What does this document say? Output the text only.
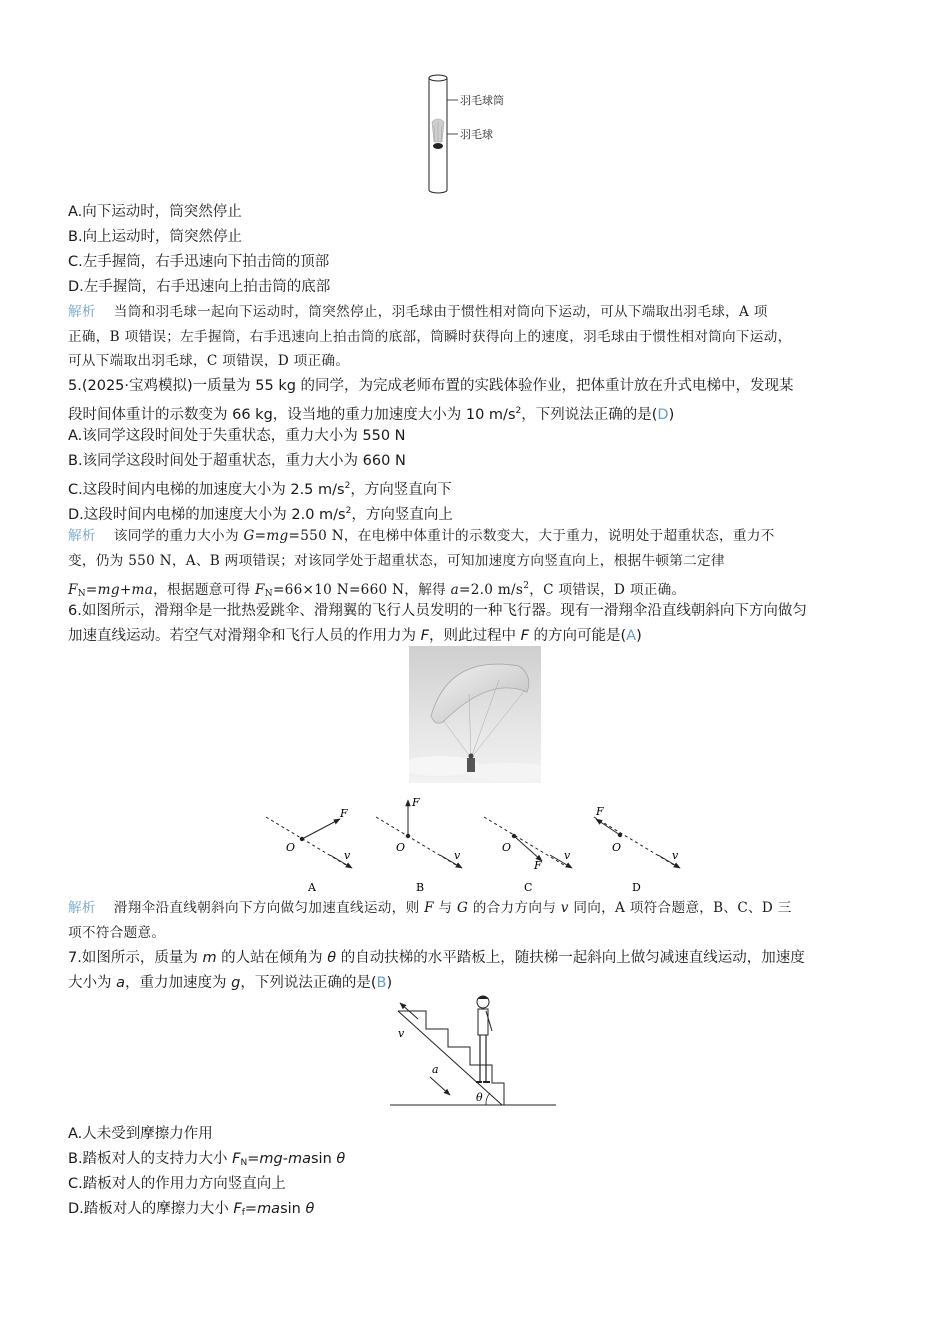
羽毛球筒
羽毛球
A.向下运动时，筒突然停止
B.向上运动时，筒突然停止
C.左手握筒，右手迅速向下拍击筒的顶部
D.左手握筒，右手迅速向上拍击筒的底部
解析 当筒和羽毛球一起向下运动时，筒突然停止，羽毛球由于惯性相对筒向下运动，可从下端取出羽毛球，A 项
正确，B 项错误；左手握筒，右手迅速向上拍击筒的底部，筒瞬时获得向上的速度，羽毛球由于惯性相对筒向下运动，
可从下端取出羽毛球，C 项错误，D 项正确。
5.(2025·宝鸡模拟)一质量为 55 kg 的同学，为完成老师布置的实践体验作业，把体重计放在升式电梯中，发现某
段时间体重计的示数变为 66 kg，设当地的重力加速度大小为 10 $m/s^2$，下列说法正确的是(D)
A.该同学这段时间处于失重状态，重力大小为 550 N
B.该同学这段时间处于超重状态，重力大小为 660 N
C.这段时间内电梯的加速度大小为 2.5 $m/s^2$，方向竖直向下
D.这段时间内电梯的加速度大小为 2.0 $m/s^2$，方向竖直向上
解析 该同学的重力大小为 G=mg=550 N，在电梯中体重计的示数变大，大于重力，说明处于超重状态，重力不
变，仍为 550 N，A、B 两项错误；对该同学处于超重状态，可知加速度方向竖直向上，根据牛顿第二定律
$F_N=mg+ma$，根据题意可得 $F_N=66\times 10$ N=660 N，解得 a=2.0 $m/s^2$，C 项错误，D 项正确。
6.如图所示，滑翔伞是一批热爱跳伞、滑翔翼的飞行人员发明的一种飞行器。现有一滑翔伞沿直线朝斜向下方向做匀
加速直线运动。若空气对滑翔伞和飞行人员的作用力为 F，则此过程中 F 的方向可能是(A)
F
O
v
A
F
O
v
B
F
O
v
C
F
O
v
D
解析 滑翔伞沿直线朝斜向下方向做匀加速直线运动，则 F 与 G 的合力方向与 v 同向，A 项符合题意，B、C、D 三
项不符合题意。
7.如图所示，质量为 m 的人站在倾角为 θ 的自动扶梯的水平踏板上，随扶梯一起斜向上做匀减速直线运动，加速度
大小为 a，重力加速度为 g，下列说法正确的是(B)
v
a
θ
A.人未受到摩擦力作用
B.踏板对人的支持力大小 $F_N=mg$-masin θ
C.踏板对人的作用力方向竖直向上
D.踏板对人的摩擦力大小 $F_f=masin$ θ
